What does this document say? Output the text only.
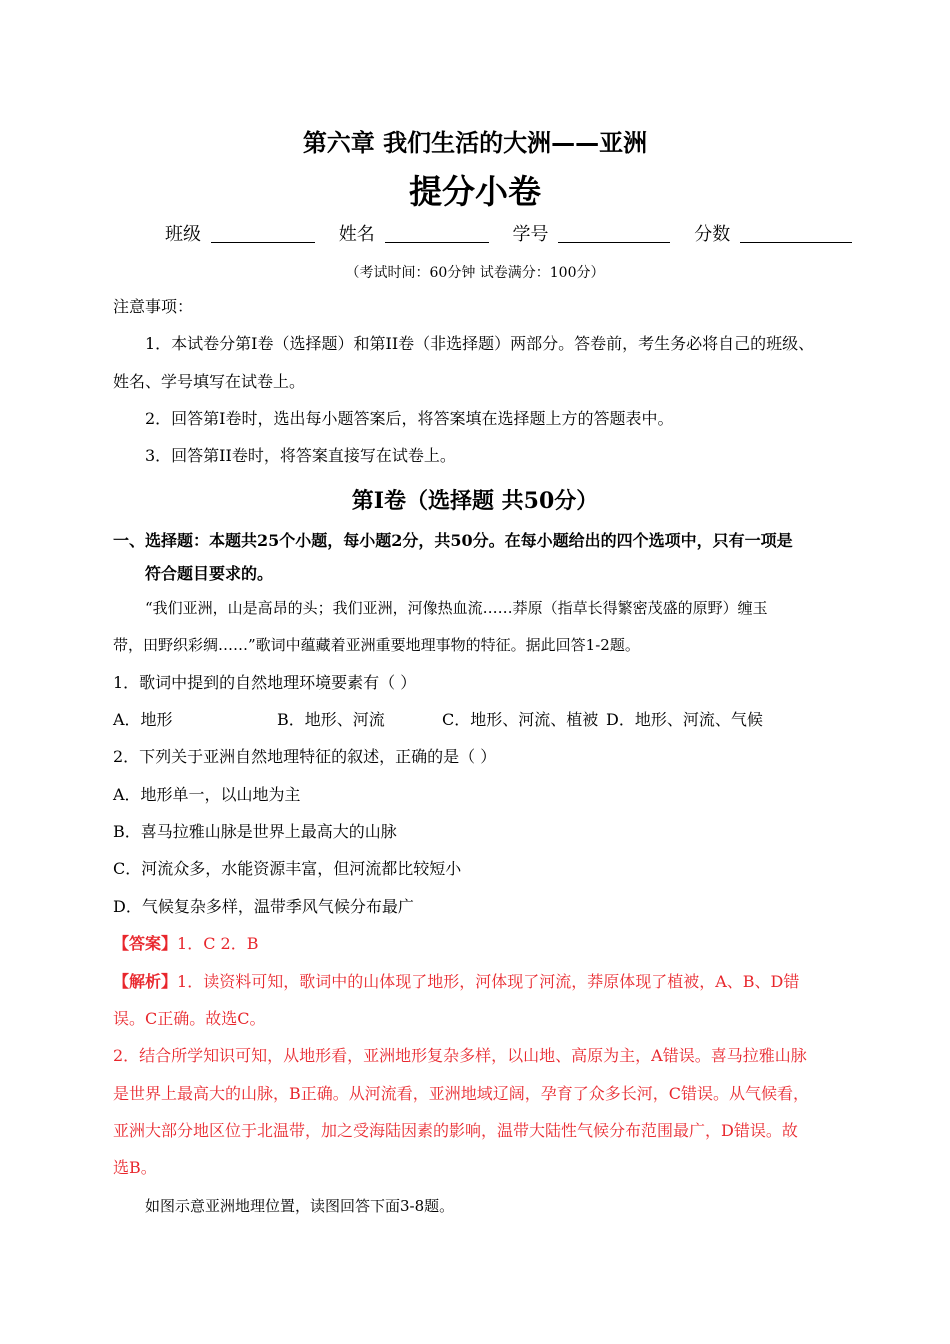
第六章 我们生活的大洲——亚洲
提分小卷
班级	姓名	学号	分数
（考试时间：60分钟 试卷满分：100分）
注意事项：
1．本试卷分第I卷（选择题）和第II卷（非选择题）两部分。答卷前，考生务必将自己的班级、
姓名、学号填写在试卷上。
2．回答第I卷时，选出每小题答案后，将答案填在选择题上方的答题表中。
3．回答第II卷时，将答案直接写在试卷上。
第I卷（选择题 共50分）
一、选择题：本题共25个小题，每小题2分，共50分。在每小题给出的四个选项中，只有一项是
符合题目要求的。
“我们亚洲，山是高昂的头；我们亚洲，河像热血流……莽原（指草长得繁密茂盛的原野）缠玉
带，田野织彩绸……”歌词中蕴藏着亚洲重要地理事物的特征。据此回答1-2题。
1．歌词中提到的自然地理环境要素有（ ）
A．地形	B．地形、河流	C．地形、河流、植被 D．地形、河流、气候
2．下列关于亚洲自然地理特征的叙述，正确的是（ ）
A．地形单一，以山地为主
B．喜马拉雅山脉是世界上最高大的山脉
C．河流众多，水能资源丰富，但河流都比较短小
D．气候复杂多样，温带季风气候分布最广
【答案】1．C 2．B
【解析】1．读资料可知，歌词中的山体现了地形，河体现了河流，莽原体现了植被，A、B、D错
误。C正确。故选C。
2．结合所学知识可知，从地形看，亚洲地形复杂多样，以山地、高原为主，A错误。喜马拉雅山脉
是世界上最高大的山脉，B正确。从河流看，亚洲地域辽阔，孕育了众多长河，C错误。从气候看，
亚洲大部分地区位于北温带，加之受海陆因素的影响，温带大陆性气候分布范围最广，D错误。故
选B。
如图示意亚洲地理位置，读图回答下面3-8题。
